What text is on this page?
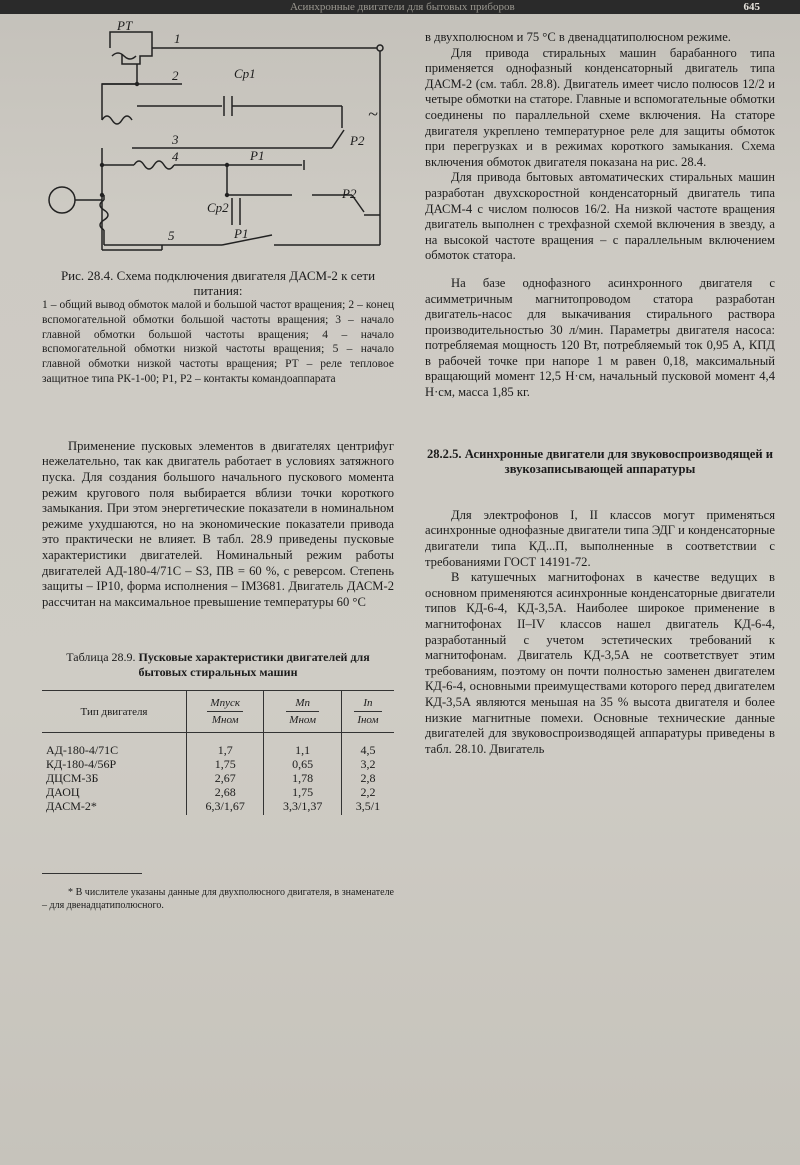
Асинхронные двигатели для бытовых приборов	645
РТ
1
2
3
4
5
Cр1
Cр2
Р1
Р1
Р2
Р2
~
Рис. 28.4. Схема подключения двигателя ДАСМ-2 к сети питания:
1 – общий вывод обмоток малой и большой частот вращения; 2 – конец вспомогательной обмотки большой частоты вращения; 3 – начало главной обмотки большой частоты вращения; 4 – начало вспомогательной обмотки низкой частоты вращения; 5 – начало главной обмотки низкой частоты вращения; РТ – реле тепловое защитное типа РК-1-00; Р1, Р2 – контакты командоаппарата

Применение пусковых элементов в двигателях центрифуг нежелательно, так как двигатель работает в условиях затяжного пуска. Для создания большого начального пускового момента режим кругового поля выбирается вблизи точки короткого замыкания. При этом энергетические показатели в номинальном режиме ухудшаются, но на экономические показатели привода это практически не влияет. В табл. 28.9 приведены пусковые характеристики двигателей. Номинальный режим работы двигателей АД-180-4/71С – S3, ПВ = 60 %, с реверсом. Степень защиты – IP10, форма исполнения – IM3681. Двигатель ДАСМ-2 рассчитан на максимальное превышение температуры 60 °С

Таблица 28.9. Пусковые характеристики двигателей для бытовых стиральных машин
Тип двигателя	$\frac{\text{Mпуск}}{\text{Mном}}$	$\frac{Mп}{\text{Mном}}$	$\frac{Iп}{\text{Iном}}$

АД-180-4/71С	1,7	1,1	4,5
КД-180-4/56Р	1,75	0,65	3,2
ДЦСМ-3Б	2,67	1,78	2,8
ДАОЦ	2,68	1,75	2,2
ДАСМ-2*	6,3/1,67	3,3/1,37	3,5/1
* В числителе указаны данные для двухполюсного двигателя, в знаменателе – для двенадцатиполюсного.

в двухполюсном и 75 °С в двенадцатиполюсном режиме.

Для привода стиральных машин барабанного типа применяется однофазный конденсаторный двигатель типа ДАСМ-2 (см. табл. 28.8). Двигатель имеет число полюсов 12/2 и четыре обмотки на статоре. Главные и вспомогательные обмотки соединены по параллельной схеме включения. На статоре двигателя укреплено температурное реле для защиты обмоток при перегрузках и в режимах короткого замыкания. Схема включения обмоток двигателя показана на рис. 28.4.

Для привода бытовых автоматических стиральных машин разработан двухскоростной конденсаторный двигатель типа ДАСМ-4 с числом полюсов 16/2. На низкой частоте вращения двигатель выполнен с трехфазной схемой включения в звезду, а на высокой частоте вращения – с параллельным включением обмоток статора.

На базе однофазного асинхронного двигателя с асимметричным магнитопроводом статора разработан двигатель-насос для выкачивания стирального раствора производительностью 30 л/мин. Параметры двигателя насоса: потребляемая мощность 120 Вт, потребляемый ток 0,95 А, КПД в рабочей точке при напоре 1 м равен 0,18, максимальный вращающий момент 12,5 Н·см, начальный пусковой момент 4,4 Н·см, масса 1,85 кг.

28.2.5. Асинхронные двигатели для звуковоспроизводящей и звукозаписывающей аппаратуры

Для электрофонов I, II классов могут применяться асинхронные однофазные двигатели типа ЭДГ и конденсаторные двигатели типа КД...П, выполненные в соответствии с требованиями ГОСТ 14191-72.

В катушечных магнитофонах в качестве ведущих в основном применяются асинхронные конденсаторные двигатели типов КД-6-4, КД-3,5А. Наиболее широкое применение в магнитофонах II–IV классов нашел двигатель КД-6-4, разработанный с учетом эстетических требований к магнитофонам. Двигатель КД-3,5А не соответствует этим требованиям, поэтому он почти полностью заменен двигателем КД-6-4, основными преимуществами которого перед двигателем КД-3,5А являются меньшая на 35 % высота двигателя и более низкие магнитные помехи. Основные технические данные двигателей для звуковоспроизводящей аппаратуры приведены в табл. 28.10. Двигатель
